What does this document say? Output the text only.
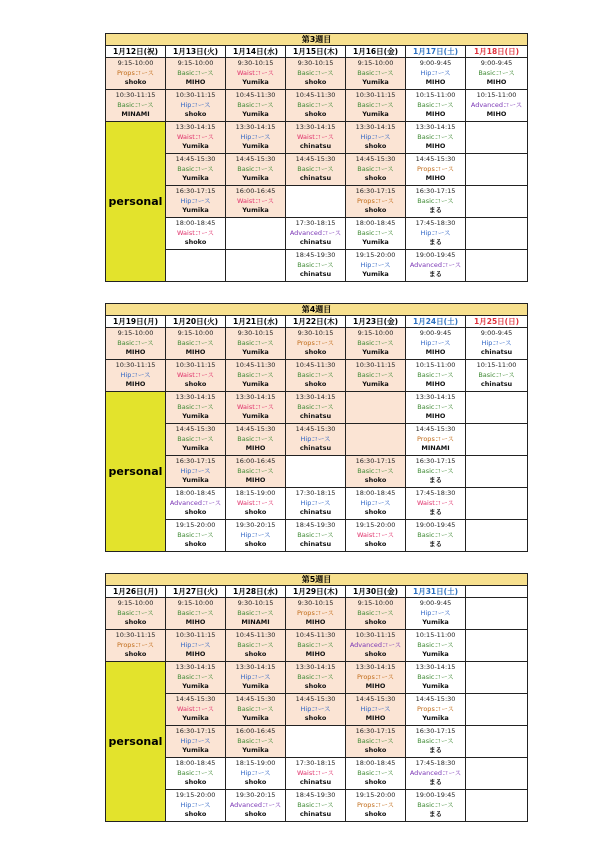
第3週目						
1月12日(祝)	1月13日(火)	1月14日(水)	1月15日(木)	1月16日(金)	1月17日(土)	1月18日(日)

9:15-10:00
Propsコース
shoko	9:15-10:00
Basicコース
MIHO	9:30-10:15
Waistコース
Yumika	9:30-10:15
Basicコース
shoko	9:15-10:00
Basicコース
Yumika	9:00-9:45
Hipコース
MIHO	9:00-9:45
Basicコース
MIHO

10:30-11:15
Basicコース
MINAMI	10:30-11:15
Hipコース
shoko	10:45-11:30
Basicコース
Yumika	10:45-11:30
Basicコース
shoko	10:30-11:15
Basicコース
Yumika	10:15-11:00
Basicコース
MIHO	10:15-11:00
Advancedコース
MIHO

personal	13:30-14:15
Waistコース
Yumika	13:30-14:15
Hipコース
Yumika	13:30-14:15
Waistコース
chinatsu	13:30-14:15
Hipコース
shoko	13:30-14:15
Basicコース
MIHO	

	14:45-15:30
Basicコース
Yumika	14:45-15:30
Basicコース
Yumika	14:45-15:30
Basicコース
chinatsu	14:45-15:30
Basicコース
shoko	14:45-15:30
Propsコース
MIHO	

	16:30-17:15
Hipコース
Yumika	16:00-16:45
Waistコース
Yumika		16:30-17:15
Propsコース
shoko	16:30-17:15
Basicコース
まる	

	18:00-18:45
Waistコース
shoko		17:30-18:15
Advancedコース
chinatsu	18:00-18:45
Basicコース
Yumika	17:45-18:30
Hipコース
まる	

			18:45-19:30
Basicコース
chinatsu	19:15-20:00
Hipコース
Yumika	19:00-19:45
Advancedコース
まる	

第4週目						
1月19日(月)	1月20日(火)	1月21日(水)	1月22日(木)	1月23日(金)	1月24日(土)	1月25日(日)

9:15-10:00
Basicコース
MIHO	9:15-10:00
Basicコース
MIHO	9:30-10:15
Basicコース
Yumika	9:30-10:15
Propsコース
shoko	9:15-10:00
Basicコース
Yumika	9:00-9:45
Hipコース
MIHO	9:00-9:45
Hipコース
chinatsu

10:30-11:15
Hipコース
MIHO	10:30-11:15
Waistコース
shoko	10:45-11:30
Basicコース
Yumika	10:45-11:30
Basicコース
shoko	10:30-11:15
Basicコース
Yumika	10:15-11:00
Basicコース
MIHO	10:15-11:00
Basicコース
chinatsu

personal	13:30-14:15
Basicコース
Yumika	13:30-14:15
Waistコース
Yumika	13:30-14:15
Basicコース
chinatsu		13:30-14:15
Basicコース
MIHO	

	14:45-15:30
Basicコース
Yumika	14:45-15:30
Basicコース
MIHO	14:45-15:30
Hipコース
chinatsu		14:45-15:30
Propsコース
MINAMI	

	16:30-17:15
Hipコース
Yumika	16:00-16:45
Basicコース
MIHO		16:30-17:15
Basicコース
shoko	16:30-17:15
Basicコース
まる	

	18:00-18:45
Advancedコース
shoko	18:15-19:00
Waistコース
shoko	17:30-18:15
Hipコース
chinatsu	18:00-18:45
Hipコース
shoko	17:45-18:30
Waistコース
まる	

	19:15-20:00
Basicコース
shoko	19:30-20:15
Hipコース
shoko	18:45-19:30
Basicコース
chinatsu	19:15-20:00
Waistコース
shoko	19:00-19:45
Basicコース
まる	

第5週目						
1月26日(月)	1月27日(火)	1月28日(水)	1月29日(木)	1月30日(金)	1月31日(土)	

9:15-10:00
Basicコース
shoko	9:15-10:00
Basicコース
MIHO	9:30-10:15
Basicコース
MINAMI	9:30-10:15
Propsコース
MIHO	9:15-10:00
Basicコース
shoko	9:00-9:45
Hipコース
Yumika	

10:30-11:15
Propsコース
shoko	10:30-11:15
Hipコース
MIHO	10:45-11:30
Basicコース
shoko	10:45-11:30
Basicコース
MIHO	10:30-11:15
Advancedコース
shoko	10:15-11:00
Basicコース
Yumika	

personal	13:30-14:15
Basicコース
Yumika	13:30-14:15
Hipコース
Yumika	13:30-14:15
Basicコース
shoko	13:30-14:15
Propsコース
MIHO	13:30-14:15
Basicコース
Yumika	

	14:45-15:30
Waistコース
Yumika	14:45-15:30
Basicコース
Yumika	14:45-15:30
Hipコース
shoko	14:45-15:30
Hipコース
MIHO	14:45-15:30
Propsコース
Yumika	

	16:30-17:15
Hipコース
Yumika	16:00-16:45
Basicコース
Yumika		16:30-17:15
Basicコース
shoko	16:30-17:15
Basicコース
まる	

	18:00-18:45
Basicコース
shoko	18:15-19:00
Hipコース
shoko	17:30-18:15
Waistコース
chinatsu	18:00-18:45
Basicコース
shoko	17:45-18:30
Advancedコース
まる	

	19:15-20:00
Hipコース
shoko	19:30-20:15
Advancedコース
shoko	18:45-19:30
Basicコース
chinatsu	19:15-20:00
Propsコース
shoko	19:00-19:45
Basicコース
まる	
